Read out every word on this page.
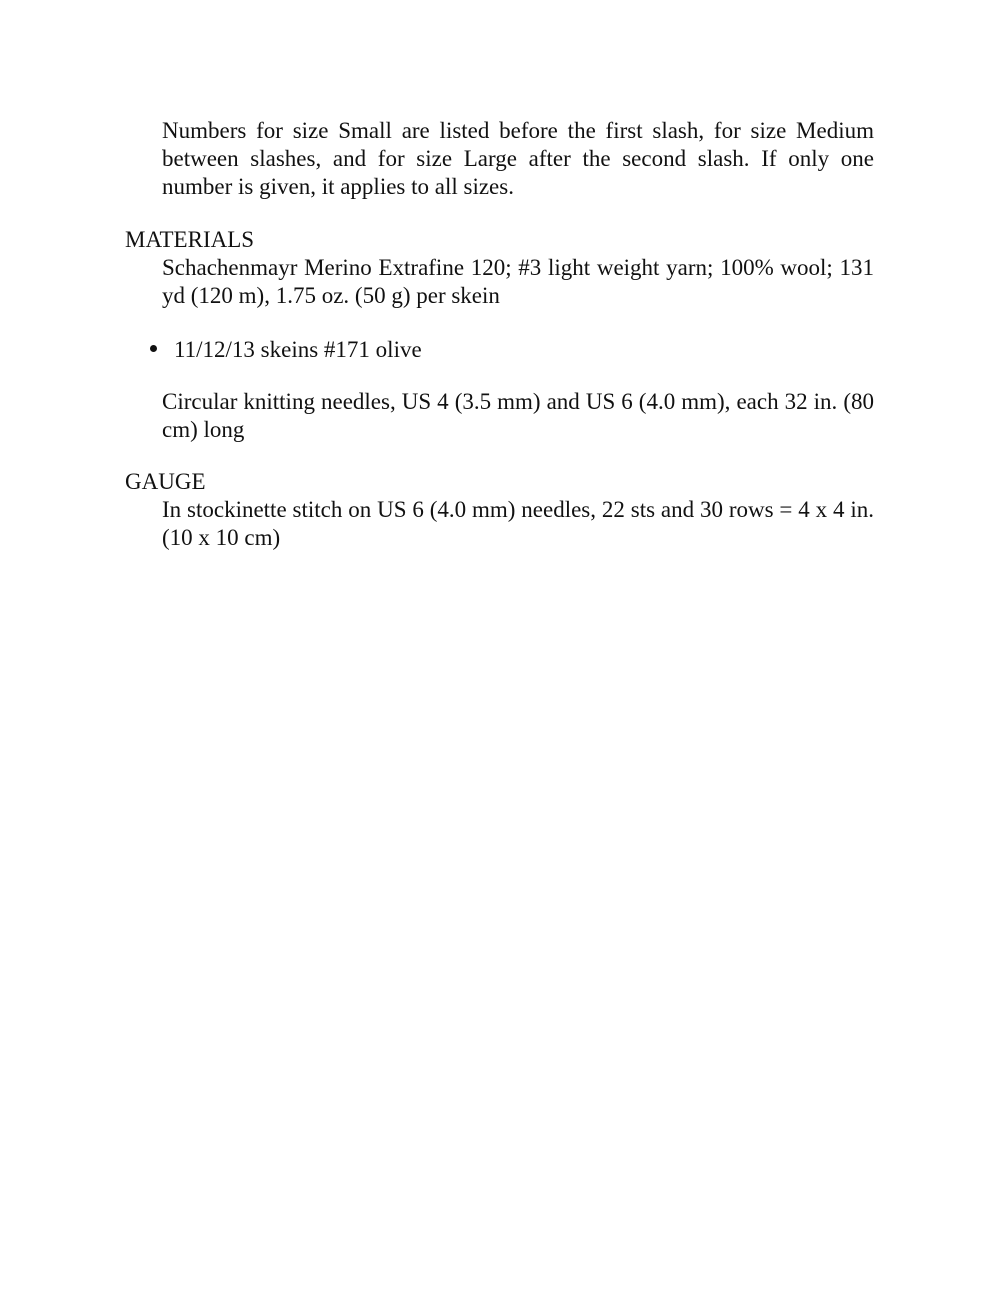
Numbers for size Small are listed before the first slash, for size Medium between slashes, and for size Large after the second slash. If only one number is given, it applies to all sizes.

MATERIALS

Schachenmayr Merino Extrafine 120; #3 light weight yarn; 100% wool; 131 yd (120 m), 1.75 oz. (50 g) per skein

11/12/13 skeins #171 olive

Circular knitting needles, US 4 (3.5 mm) and US 6 (4.0 mm), each 32 in. (80 cm) long

GAUGE

In stockinette stitch on US 6 (4.0 mm) needles, 22 sts and 30 rows = 4 x 4 in. (10 x 10 cm)
